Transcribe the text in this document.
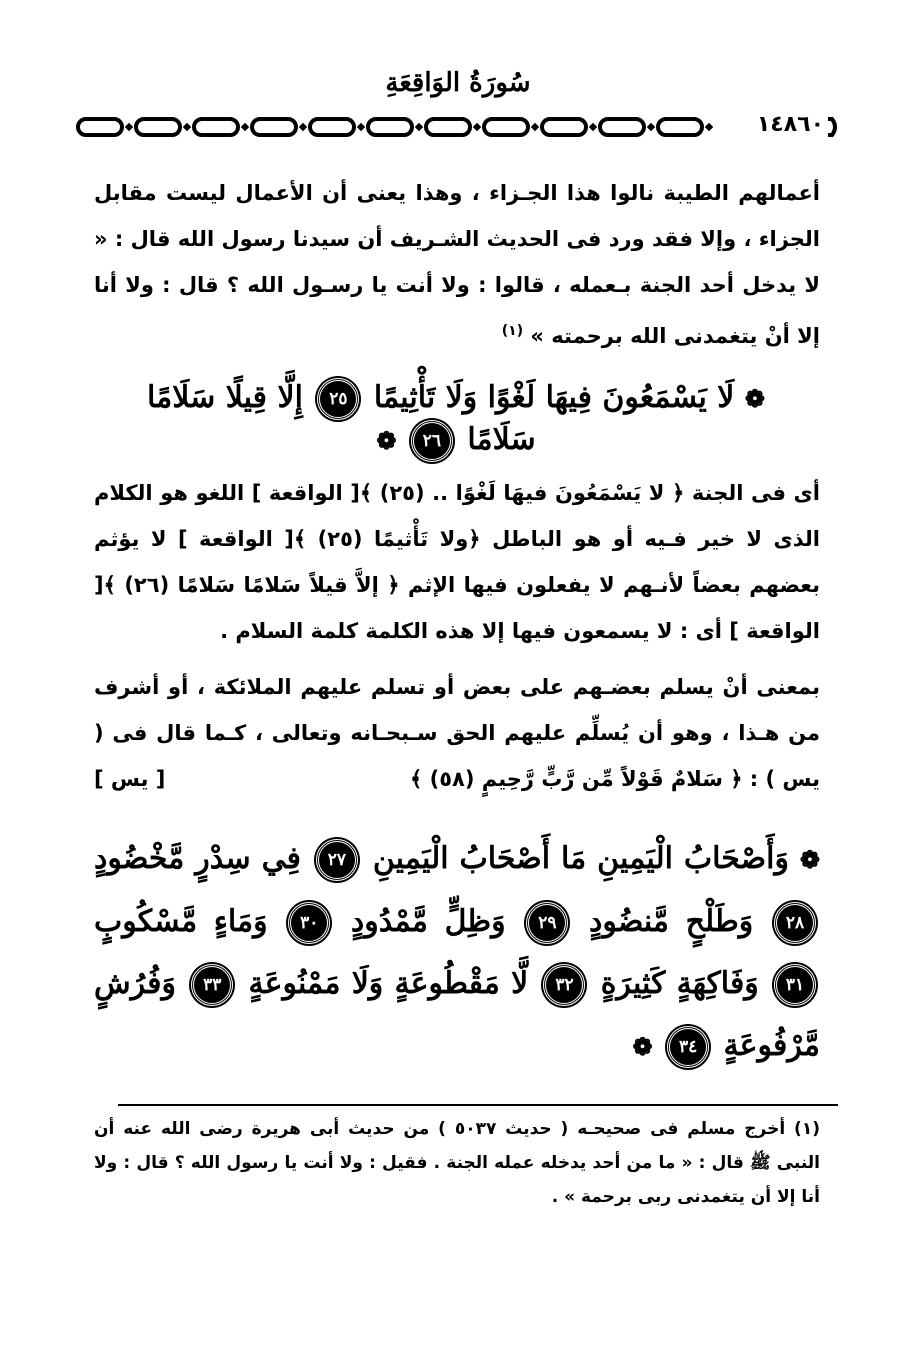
سُورَةُ الوَاقِعَةِ
١٤٨٦٠
أعمالهم الطيبة نالوا هذا الجـزاء ، وهذا يعنى أن الأعمال ليست مقابل الجزاء ، وإلا فقد ورد فى الحديث الشـريف أن سيدنا رسول الله قال : « لا يدخل أحد الجنة بـعمله ، قالوا : ولا أنت يا رسـول الله ؟ قال : ولا أنا إلا أنْ يتغمدنى الله برحمته » $^{(١)}$
❁ لَا يَسْمَعُونَ فِيهَا لَغْوًا وَلَا تَأْثِيمًا ٢٥ إِلَّا قِيلًا سَلَامًا سَلَامًا ٢٦ ❁
أى فى الجنة ﴿ لا يَسْمَعُونَ فيهَا لَغْوًا .. (٢٥) ﴾[ الواقعة ] اللغو هو الكلام الذى لا خير فـيه أو هو الباطل ﴿ولا تَأْثيمًا (٢٥) ﴾[ الواقعة ] لا يؤثم بعضهم بعضاً لأنـهم لا يفعلون فيها الإثم ﴿ إلاَّ قيلاً سَلامًا سَلامًا (٢٦) ﴾[ الواقعة ] أى : لا يسمعون فيها إلا هذه الكلمة كلمة السلام .
بمعنى أنْ يسلم بعضـهم على بعض أو تسلم عليهم الملائكة ، أو أشرف من هـذا ، وهو أن يُسلِّم عليهم الحق سـبحـانه وتعالى ، كـما قال فى ( يس ) : ﴿ سَلامٌ قَوْلاً مِّن رَّبٍّ رَّحِيمٍ (٥٨) ﴾
[ يس ]
❁ وَأَصْحَابُ الْيَمِينِ مَا أَصْحَابُ الْيَمِينِ ٢٧ فِي سِدْرٍ مَّخْضُودٍ ٢٨ وَطَلْحٍ مَّنضُودٍ ٢٩ وَظِلٍّ مَّمْدُودٍ ٣٠ وَمَاءٍ مَّسْكُوبٍ ٣١ وَفَاكِهَةٍ كَثِيرَةٍ ٣٢ لَّا مَقْطُوعَةٍ وَلَا مَمْنُوعَةٍ ٣٣ وَفُرُشٍ مَّرْفُوعَةٍ ٣٤ ❁
(١) أخرج مسلم فى صحيحـه ( حديث ٥٠٣٧ ) من حديث أبى هريرة رضى الله عنه أن النبى ﷺ قال : « ما من أحد يدخله عمله الجنة . فقيل : ولا أنت يا رسول الله ؟ قال : ولا أنا إلا أن يتغمدنى ربى برحمة » .
